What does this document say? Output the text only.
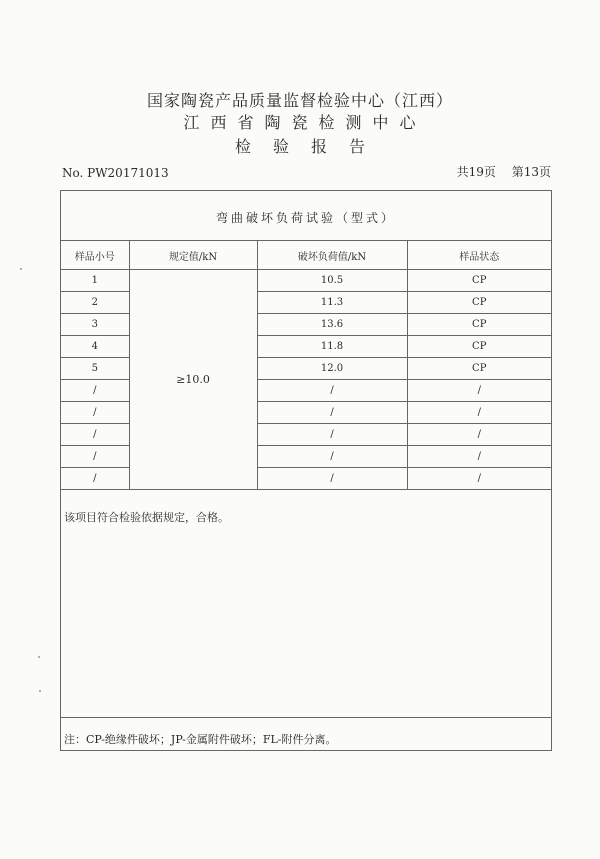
国家陶瓷产品质量监督检验中心（江西）
江西省陶瓷检测中心
检验报告
No. PW20171013	共19页 第13页
弯曲破坏负荷试验（型式）
样品小号	规定值/kN	破坏负荷值/kN	样品状态
1	≥10.0	10.5	CP
2		11.3	CP
3		13.6	CP
4		11.8	CP
5		12.0	CP
/		/	/
/		/	/
/		/	/
/		/	/
/		/	/
该项目符合检验依据规定，合格。
注：CP-绝缘件破坏；JP-金属附件破坏；FL-附件分离。
